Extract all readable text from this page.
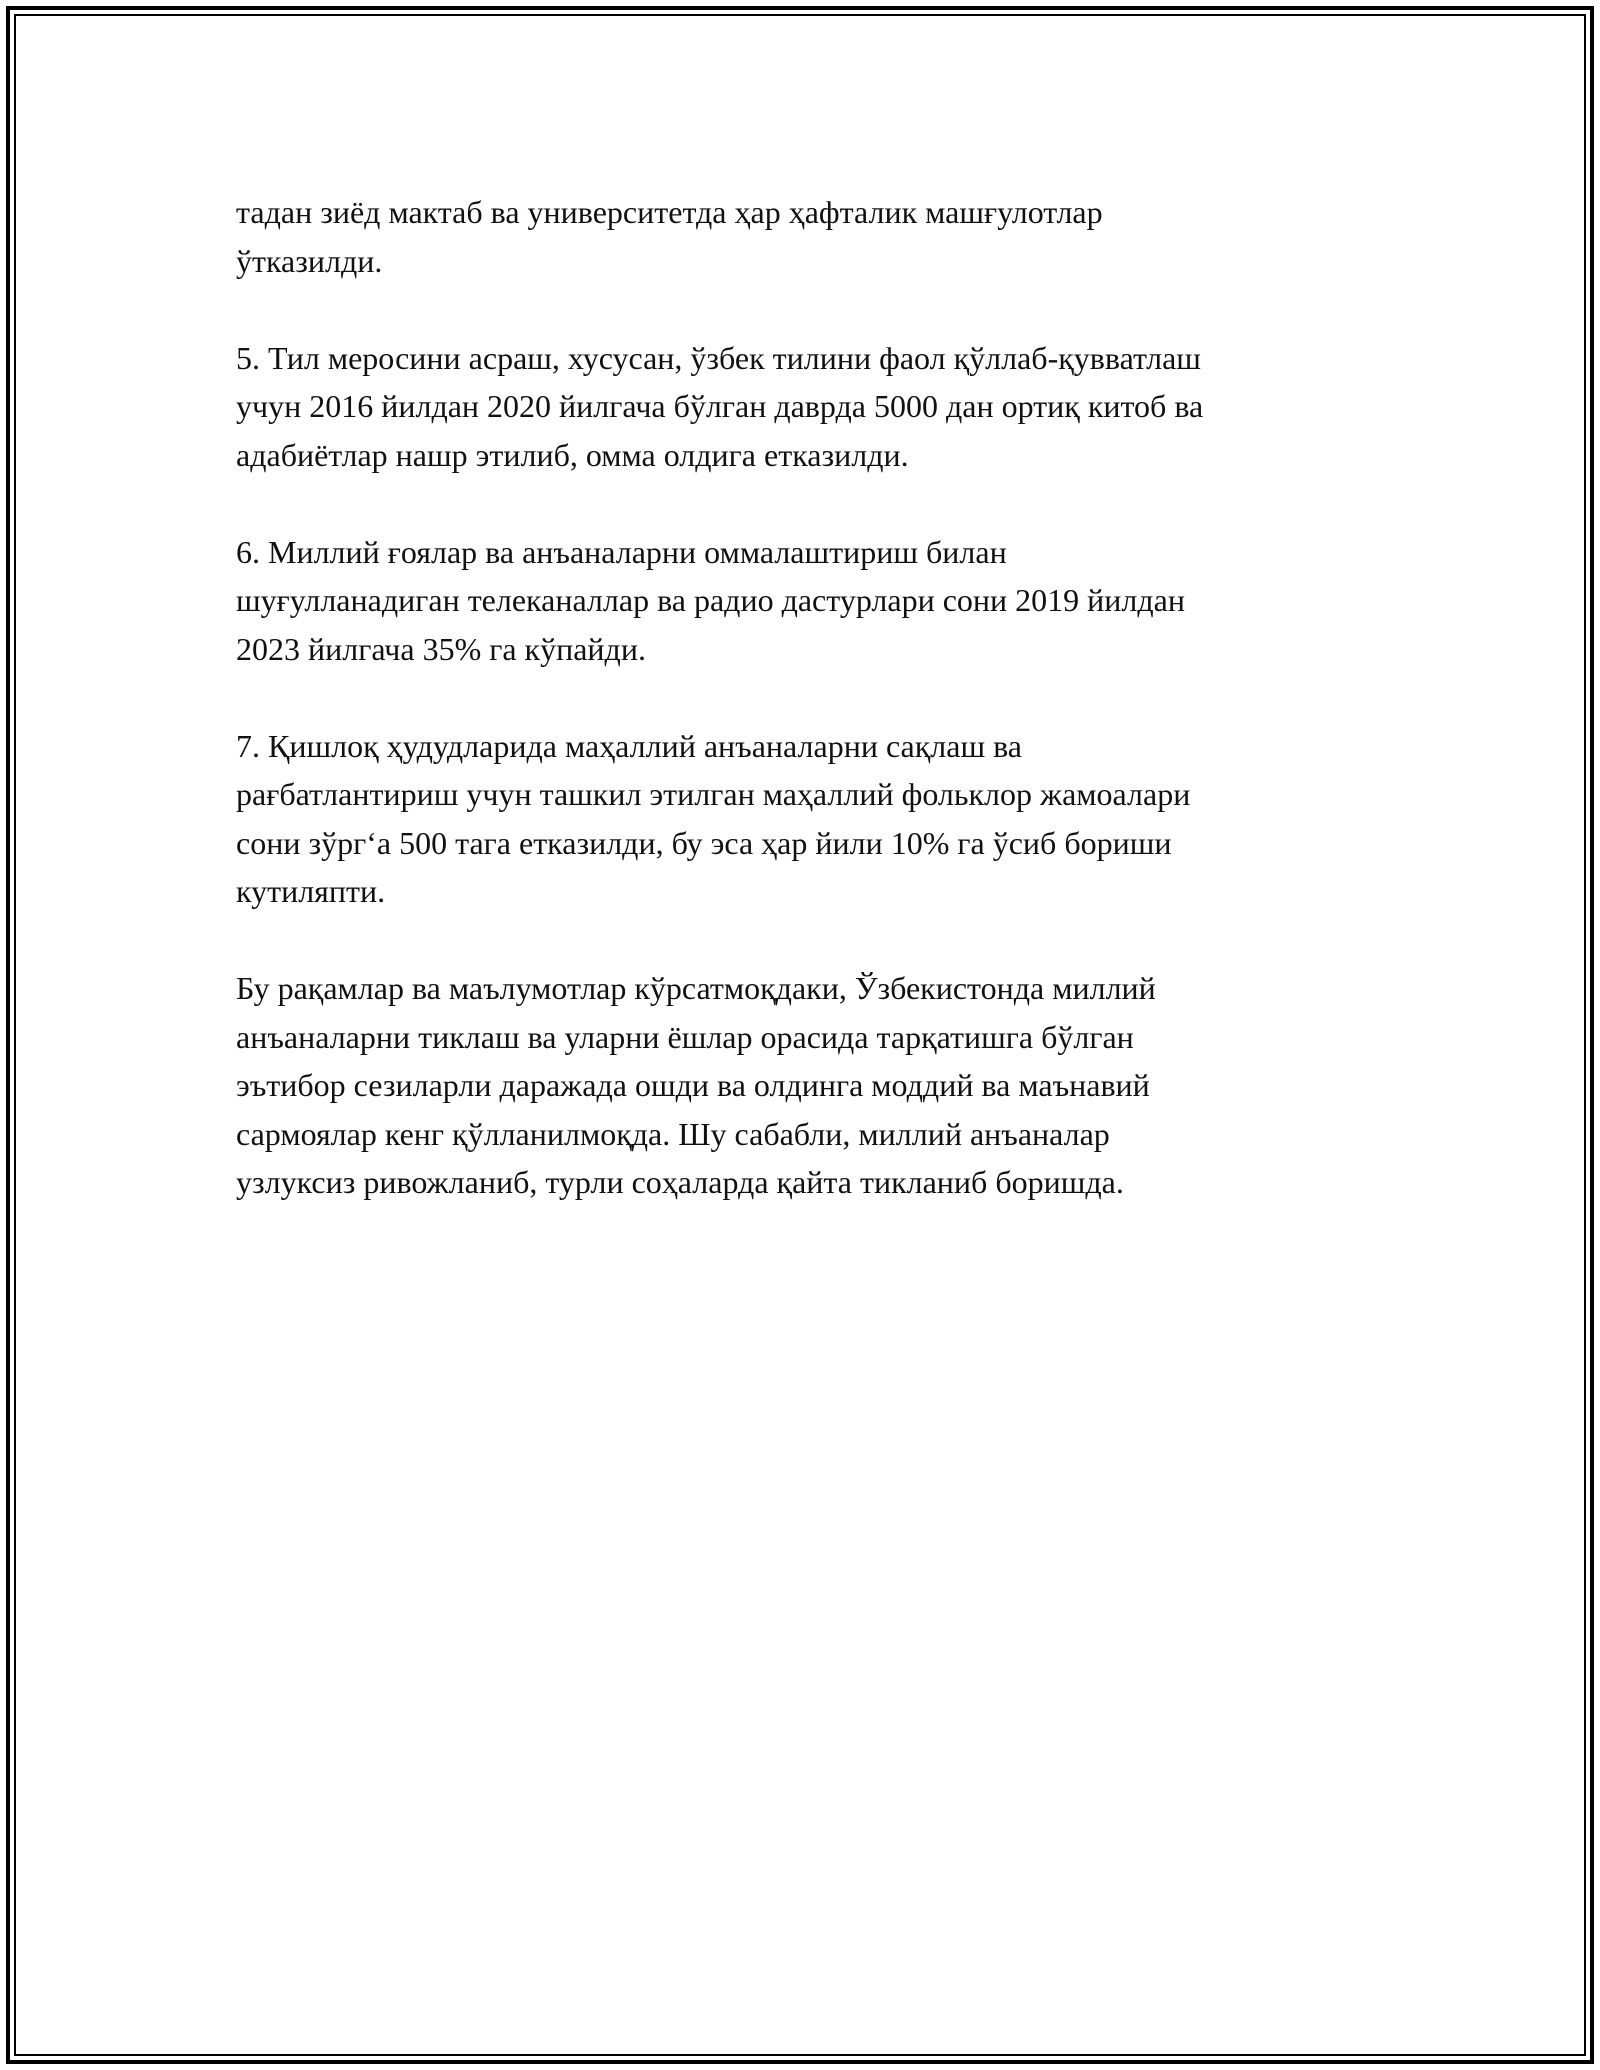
тадан зиёд мактаб ва университетда ҳар ҳафталик машғулотлар
ўтказилди.

5. Тил меросини асраш, хусусан, ўзбек тилини фаол қўллаб-қувватлаш
учун 2016 йилдан 2020 йилгача бўлган даврда 5000 дан ортиқ китоб ва
адабиётлар нашр этилиб, омма олдига етказилди.

6. Миллий ғоялар ва анъаналарни оммалаштириш билан
шуғулланадиган телеканаллар ва радио дастурлари сони 2019 йилдан
2023 йилгача 35% га кўпайди.

7. Қишлоқ ҳудудларида маҳаллий анъаналарни сақлаш ва
рағбатлантириш учун ташкил этилган маҳаллий фольклор жамоалари
сони зўрг‘а 500 тага етказилди, бу эса ҳар йили 10% га ўсиб бориши
кутиляпти.

Бу рақамлар ва маълумотлар кўрсатмоқдаки, Ўзбекистонда миллий
анъаналарни тиклаш ва уларни ёшлар орасида тарқатишга бўлган
эътибор сезиларли даражада ошди ва олдинга моддий ва маънавий
сармоялар кенг қўлланилмоқда. Шу сабабли, миллий анъаналар
узлуксиз ривожланиб, турли соҳаларда қайта тикланиб боришда.
